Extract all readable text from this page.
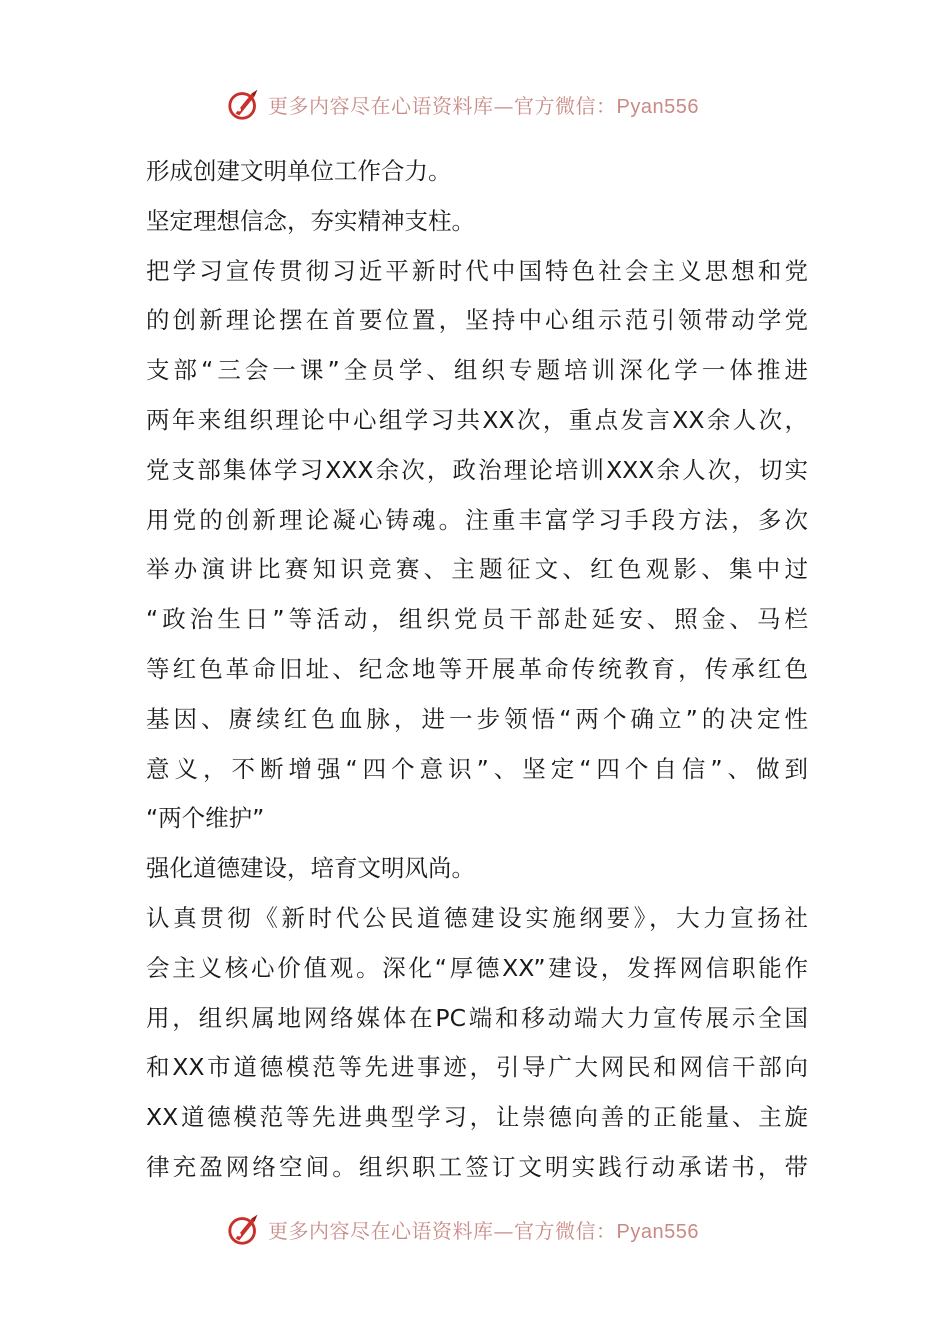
更多内容尽在心语资料库—官方微信：Pyan556
形成创建文明单位工作合力。
坚定理想信念，夯实精神支柱。
把学习宣传贯彻习近平新时代中国特色社会主义思想和党
的创新理论摆在首要位置，坚持中心组示范引领带动学党
支部“三会一课”全员学、组织专题培训深化学一体推进
两年来组织理论中心组学习共XX次，重点发言XX余人次，
党支部集体学习XXX余次，政治理论培训XXX余人次，切实
用党的创新理论凝心铸魂。注重丰富学习手段方法，多次
举办演讲比赛知识竞赛、主题征文、红色观影、集中过
“政治生日”等活动，组织党员干部赴延安、照金、马栏
等红色革命旧址、纪念地等开展革命传统教育，传承红色
基因、赓续红色血脉，进一步领悟“两个确立”的决定性
意义，不断增强“四个意识”、坚定“四个自信”、做到
“两个维护”
强化道德建设，培育文明风尚。
认真贯彻《新时代公民道德建设实施纲要》，大力宣扬社
会主义核心价值观。深化“厚德XX”建设，发挥网信职能作
用，组织属地网络媒体在PC端和移动端大力宣传展示全国
和XX市道德模范等先进事迹，引导广大网民和网信干部向
XX道德模范等先进典型学习，让崇德向善的正能量、主旋
律充盈网络空间。组织职工签订文明实践行动承诺书，带
更多内容尽在心语资料库—官方微信：Pyan556
